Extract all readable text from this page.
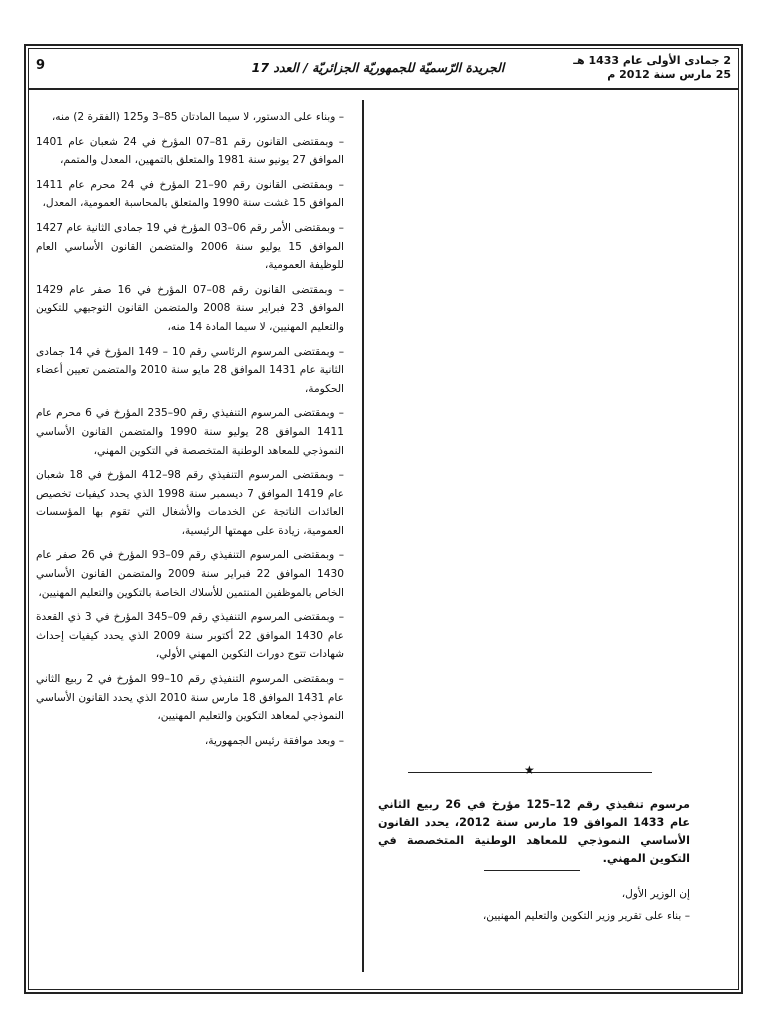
9	الجريدة الرّسميّة للجمهوريّة الجزائريّة / العدد 17	2 جمادى الأولى عام 1433 هـ
25 مارس سنة 2012 م

– وبناء على الدستور، لا سيما المادتان 85–3 و125 (الفقرة 2) منه،

– وبمقتضى القانون رقم 81–07 المؤرخ في 24 شعبان عام 1401 الموافق 27 يونيو سنة 1981 والمتعلق بالتمهين، المعدل والمتمم،

– وبمقتضى القانون رقم 90–21 المؤرخ في 24 محرم عام 1411 الموافق 15 غشت سنة 1990 والمتعلق بالمحاسبة العمومية، المعدل،

– وبمقتضى الأمر رقم 06–03 المؤرخ في 19 جمادى الثانية عام 1427 الموافق 15 يوليو سنة 2006 والمتضمن القانون الأساسي العام للوظيفة العمومية،

– وبمقتضى القانون رقم 08–07 المؤرخ في 16 صفر عام 1429 الموافق 23 فبراير سنة 2008 والمتضمن القانون التوجيهي للتكوين والتعليم المهنيين، لا سيما المادة 14 منه،

– وبمقتضى المرسوم الرئاسي رقم 10 – 149 المؤرخ في 14 جمادى الثانية عام 1431 الموافق 28 مايو سنة 2010 والمتضمن تعيين أعضاء الحكومة،

– وبمقتضى المرسوم التنفيذي رقم 90–235 المؤرخ في 6 محرم عام 1411 الموافق 28 يوليو سنة 1990 والمتضمن القانون الأساسي النموذجي للمعاهد الوطنية المتخصصة في التكوين المهني،

– وبمقتضى المرسوم التنفيذي رقم 98–412 المؤرخ في 18 شعبان عام 1419 الموافق 7 ديسمبر سنة 1998 الذي يحدد كيفيات تخصيص العائدات الناتجة عن الخدمات والأشغال التي تقوم بها المؤسسات العمومية، زيادة على مهمتها الرئيسية،

– وبمقتضى المرسوم التنفيذي رقم 09–93 المؤرخ في 26 صفر عام 1430 الموافق 22 فبراير سنة 2009 والمتضمن القانون الأساسي الخاص بالموظفين المنتمين للأسلاك الخاصة بالتكوين والتعليم المهنيين،

– وبمقتضى المرسوم التنفيذي رقم 09–345 المؤرخ في 3 ذي القعدة عام 1430 الموافق 22 أكتوبر سنة 2009 الذي يحدد كيفيات إحداث شهادات تتوج دورات التكوين المهني الأولي،

– وبمقتضى المرسوم التنفيذي رقم 10–99 المؤرخ في 2 ربيع الثاني عام 1431 الموافق 18 مارس سنة 2010 الذي يحدد القانون الأساسي النموذجي لمعاهد التكوين والتعليم المهنيين،

– وبعد موافقة رئيس الجمهورية،

★
مرسوم تنفيذي رقم 12–125 مؤرخ في 26 ربيع الثاني عام 1433 الموافق 19 مارس سنة 2012، يحدد القانون الأساسي النموذجي للمعاهد الوطنية المتخصصة في التكوين المهني.

إن الوزير الأول،

– بناء على تقرير وزير التكوين والتعليم المهنيين،
